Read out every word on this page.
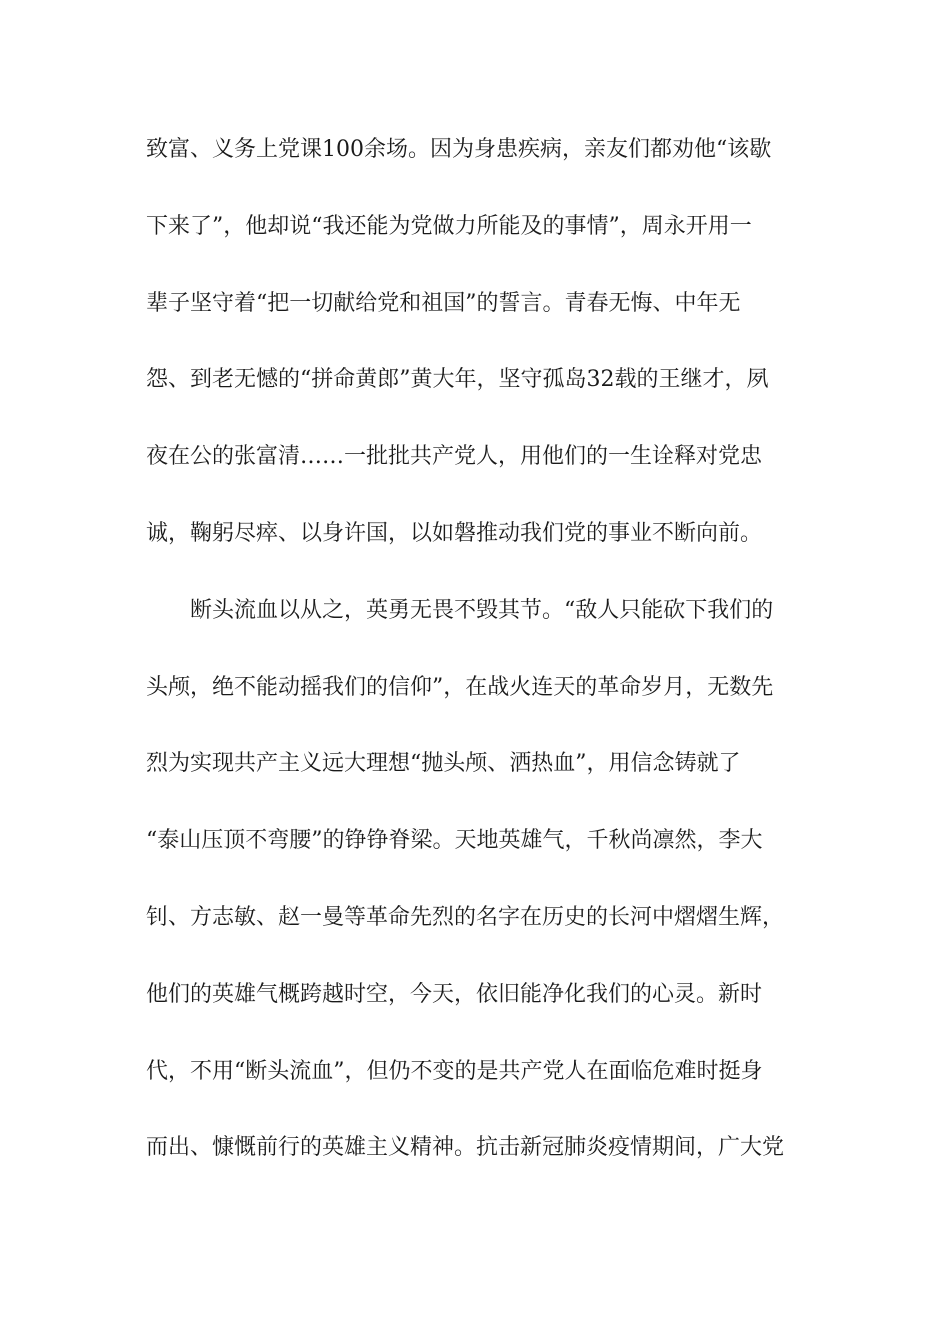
致富、义务上党课100余场。因为身患疾病，亲友们都劝他“该歇
下来了”，他却说“我还能为党做力所能及的事情”，周永开用一
辈子坚守着“把一切献给党和祖国”的誓言。青春无悔、中年无
怨、到老无憾的“拼命黄郎”黄大年，坚守孤岛32载的王继才，夙
夜在公的张富清……一批批共产党人，用他们的一生诠释对党忠
诚，鞠躬尽瘁、以身许国，以如磐推动我们党的事业不断向前。
　　断头流血以从之，英勇无畏不毁其节。“敌人只能砍下我们的
头颅，绝不能动摇我们的信仰”，在战火连天的革命岁月，无数先
烈为实现共产主义远大理想“抛头颅、洒热血”，用信念铸就了
“泰山压顶不弯腰”的铮铮脊梁。天地英雄气，千秋尚凛然，李大
钊、方志敏、赵一曼等革命先烈的名字在历史的长河中熠熠生辉，
他们的英雄气概跨越时空，今天，依旧能净化我们的心灵。新时
代，不用“断头流血”，但仍不变的是共产党人在面临危难时挺身
而出、慷慨前行的英雄主义精神。抗击新冠肺炎疫情期间，广大党
